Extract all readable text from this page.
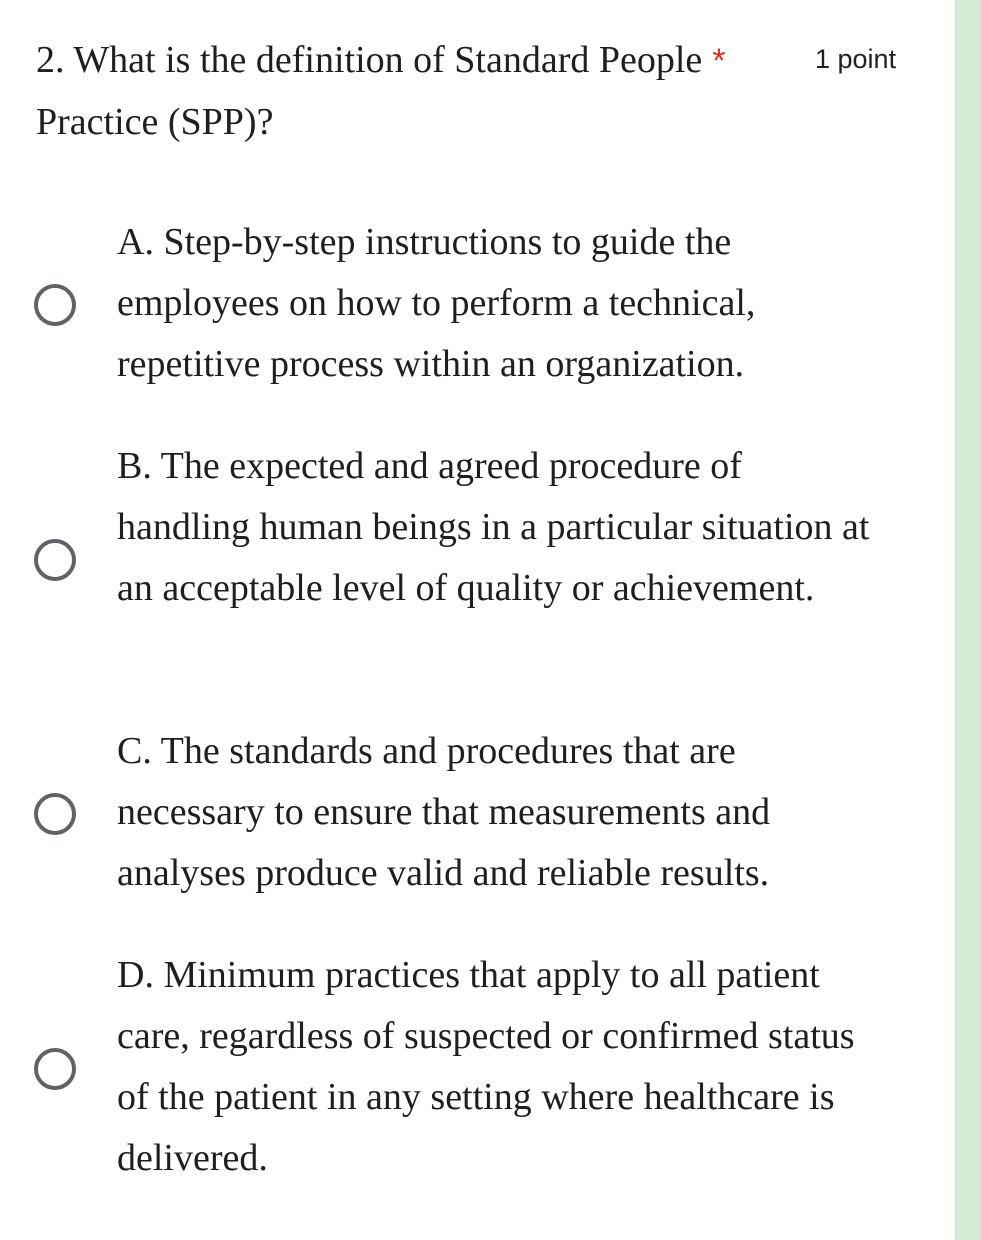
2. What is the definition of Standard People *
Practice (SPP)?
1 point
A. Step-by-step instructions to guide the employees on how to perform a technical, repetitive process within an organization.
B. The expected and agreed procedure of handling human beings in a particular situation at an acceptable level of quality or achievement.
C. The standards and procedures that are necessary to ensure that measurements and analyses produce valid and reliable results.
D. Minimum practices that apply to all patient care, regardless of suspected or confirmed status of the patient in any setting where healthcare is delivered.
